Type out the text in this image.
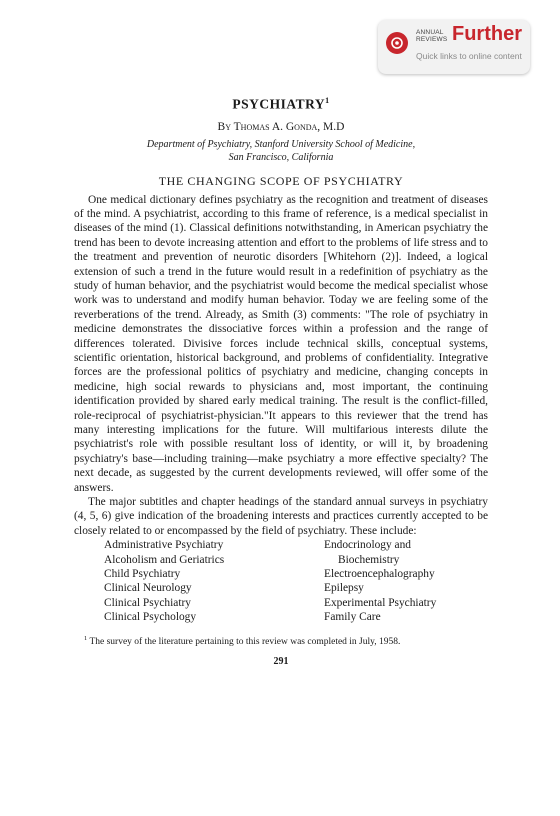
ANNUAL
REVIEWS Further
Quick links to online content
PSYCHIATRY$^1$
By Thomas A. Gonda, M.D
Department of Psychiatry, Stanford University School of Medicine,
San Francisco, California
THE CHANGING SCOPE OF PSYCHIATRY

One medical dictionary defines psychiatry as the recognition and treatment of diseases of the mind. A psychiatrist, according to this frame of reference, is a medical specialist in diseases of the mind (1). Classical definitions notwithstanding, in American psychiatry the trend has been to devote increasing attention and effort to the problems of life stress and to the treatment and prevention of neurotic disorders [Whitehorn (2)]. Indeed, a logical extension of such a trend in the future would result in a redefinition of psychiatry as the study of human behavior, and the psychiatrist would become the medical specialist whose work was to understand and modify human behavior. Today we are feeling some of the reverberations of the trend. Already, as Smith (3) comments: "The role of psychiatry in medicine demonstrates the dissociative forces within a profession and the range of differences tolerated. Divisive forces include technical skills, conceptual systems, scientific orientation, historical background, and problems of confidentiality. Integrative forces are the professional politics of psychiatry and medicine, changing concepts in medicine, high social rewards to physicians and, most important, the continuing identification provided by shared early medical training. The result is the conflict-filled, role-reciprocal of psychiatrist-physician."It appears to this reviewer that the trend has many interesting implications for the future. Will multifarious interests dilute the psychiatrist's role with possible resultant loss of identity, or will it, by broadening psychiatry's base—including training—make psychiatry a more effective specialty? The next decade, as suggested by the current developments reviewed, will offer some of the answers.

The major subtitles and chapter headings of the standard annual surveys in psychiatry (4, 5, 6) give indication of the broadening interests and practices currently accepted to be closely related to or encompassed by the field of psychiatry. These include:

Administrative Psychiatry	Endocrinology and
Alcoholism and Geriatrics	Biochemistry
Child Psychiatry	Electroencephalography
Clinical Neurology	Epilepsy
Clinical Psychiatry	Experimental Psychiatry
Clinical Psychology	Family Care

$^1$ The survey of the literature pertaining to this review was completed in July, 1958.

291
